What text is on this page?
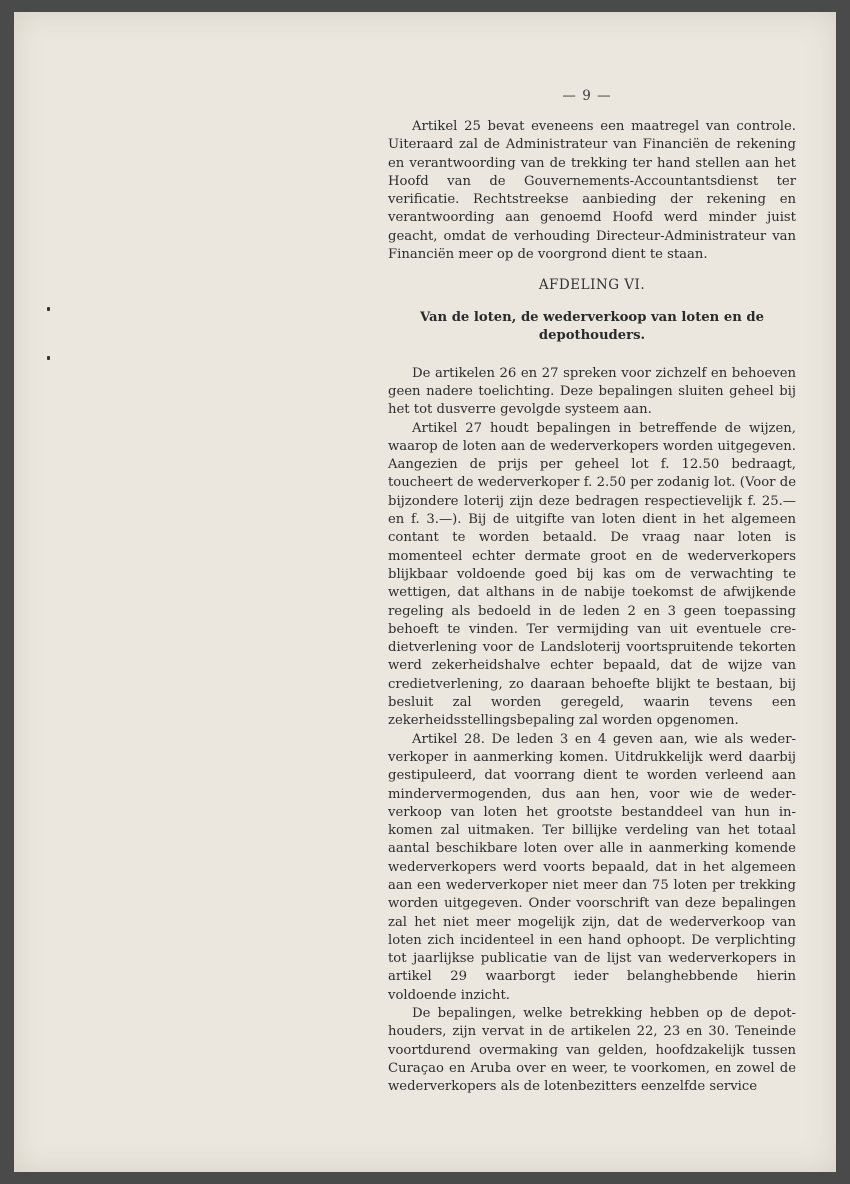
— 9 —

Artikel 25 bevat eveneens een maatregel van controle. Uiteraard zal de Administrateur van Financiën de rekening en verantwoording van de trekking ter hand stellen aan het Hoofd van de Gouvernements-Accountantsdienst ter verificatie. Rechtstreekse aanbieding der rekening en verantwoording aan genoemd Hoofd werd minder juist geacht, omdat de verhouding Directeur-Administrateur van Financiën meer op de voorgrond dient te staan.

AFDELING VI.
Van de loten, de wederverkoop van loten en de depothouders.

De artikelen 26 en 27 spreken voor zichzelf en behoeven geen nadere toelichting. Deze bepalingen sluiten geheel bij het tot dusverre gevolgde systeem aan.

Artikel 27 houdt bepalingen in betreffende de wijzen, waarop de loten aan de wederverkopers worden uitgegeven. Aangezien de prijs per geheel lot f. 12.50 bedraagt, toucheert de wederverkoper f. 2.50 per zodanig lot. (Voor de bijzondere loterij zijn deze bedragen respectievelijk f. 25.— en f. 3.—). Bij de uitgifte van loten dient in het algemeen contant te worden betaald. De vraag naar loten is momenteel echter dermate groot en de wederverkopers blijkbaar voldoende goed bij kas om de verwachting te wettigen, dat althans in de nabije toekomst de afwijkende regeling als bedoeld in de leden 2 en 3 geen toepassing behoeft te vinden. Ter vermijding van uit eventuele credietverlening voor de Landsloterij voortspruitende tekorten werd zekerheidshalve echter bepaald, dat de wijze van credietverlening, zo daaraan behoefte blijkt te bestaan, bij besluit zal worden geregeld, waarin tevens een zekerheidsstellingsbepaling zal worden opgenomen.

Artikel 28. De leden 3 en 4 geven aan, wie als wederverkoper in aanmerking komen. Uitdrukkelijk werd daarbij gestipuleerd, dat voorrang dient te worden verleend aan mindervermogenden, dus aan hen, voor wie de wederverkoop van loten het grootste bestanddeel van hun inkomen zal uitmaken. Ter billijke verdeling van het totaal aantal beschikbare loten over alle in aanmerking komende wederverkopers werd voorts bepaald, dat in het algemeen aan een wederverkoper niet meer dan 75 loten per trekking worden uitgegeven. Onder voorschrift van deze bepalingen zal het niet meer mogelijk zijn, dat de wederverkoop van loten zich incidenteel in een hand ophoopt. De verplichting tot jaarlijkse publicatie van de lijst van wederverkopers in artikel 29 waarborgt ieder belanghebbende hierin voldoende inzicht.

De bepalingen, welke betrekking hebben op de depothouders, zijn vervat in de artikelen 22, 23 en 30. Teneinde voortdurend overmaking van gelden, hoofdzakelijk tussen Curaçao en Aruba over en weer, te voorkomen, en zowel de wederverkopers als de lotenbezitters eenzelfde service
